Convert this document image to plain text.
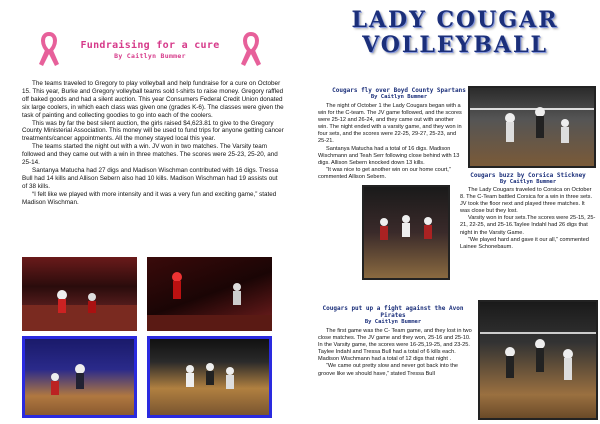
Fundraising for a cure
By Caitlyn Bummer

The teams traveled to Gregory to play volleyball and help fundraise for a cure on October 15. This year, Burke and Gregory volleyball teams sold t-shirts to raise money. Gregory raffled off baked goods and had a silent auction. This year Consumers Federal Credit Union donated six large coolers, in which each class was given one (grades K-6). The classes were given the task of painting and collecting goodies to go into each of the coolers.

This was by far the best silent auction, the girls raised $4,623.81 to give to the Gregory County Ministerial Association. This money will be used to fund trips for anyone getting cancer treatments/cancer appointments. All the money stayed local this year.

The teams started the night out with a win. JV won in two matches. The Varsity team followed and they came out with a win in three matches. The scores were 25-23, 25-20, and 25-14.

Santanya Matucha had 27 digs and Madison Wischman contributed with 16 digs. Tressa Bull had 14 kills and Allison Sebern also had 10 kills. Madison Wischman had 19 assists out of 38 kills.

“I felt like we played with more intensity and it was a very fun and exciting game,” stated Madison Wischman.

LADY COUGAR
VOLLEYBALL
Cougars fly over Boyd County Spartans
By Caitlyn Bummer

The night of October 1 the Lady Cougars began with a win for the C-team. The JV game followed, and the scores were 25-12 and 26-24, and they came out with another win. The night ended with a varsity game, and they won in four sets, and the scores were 22-25, 29-27, 25-23, and 25-21.

Santanya Matucha had a total of 16 digs. Madison Wischmann and Teah Serr following close behind with 13 digs. Allison Sebern knocked down 13 kills.

“It was nice to get another win on our home court,” commented Allison Sebern.	Cougars buzz by Corsica Stickney
By Caitlyn Bummer

The Lady Cougars traveled to Corsica on October 8. The C-Team battled Corsica for a win in three sets. JV took the floor next and played three matches. It was close but they lost.

Varsity won in four sets.The scores were 25-15, 25-21, 22-25, and 25-16.Taylee Indahl had 26 digs that night in the Varsity Game.

“We played hard and gave it our all,” commented Lainee Schonebaum.

Cougars put up a fight against the Avon Pirates
By Caitlyn Bummer

The first game was the C- Team game, and they lost in two close matches. The JV game and they won, 25-16 and 25-10. In the Varsity game, the scores were 16-25,19-25, and 23-25. Taylee Indahl and Tressa Bull had a total of 6 kills each. Madison Wischmann had a total of 12 digs that night .

“We came out pretty slow and never got back into the groove like we should have,” stated Tressa Bull
